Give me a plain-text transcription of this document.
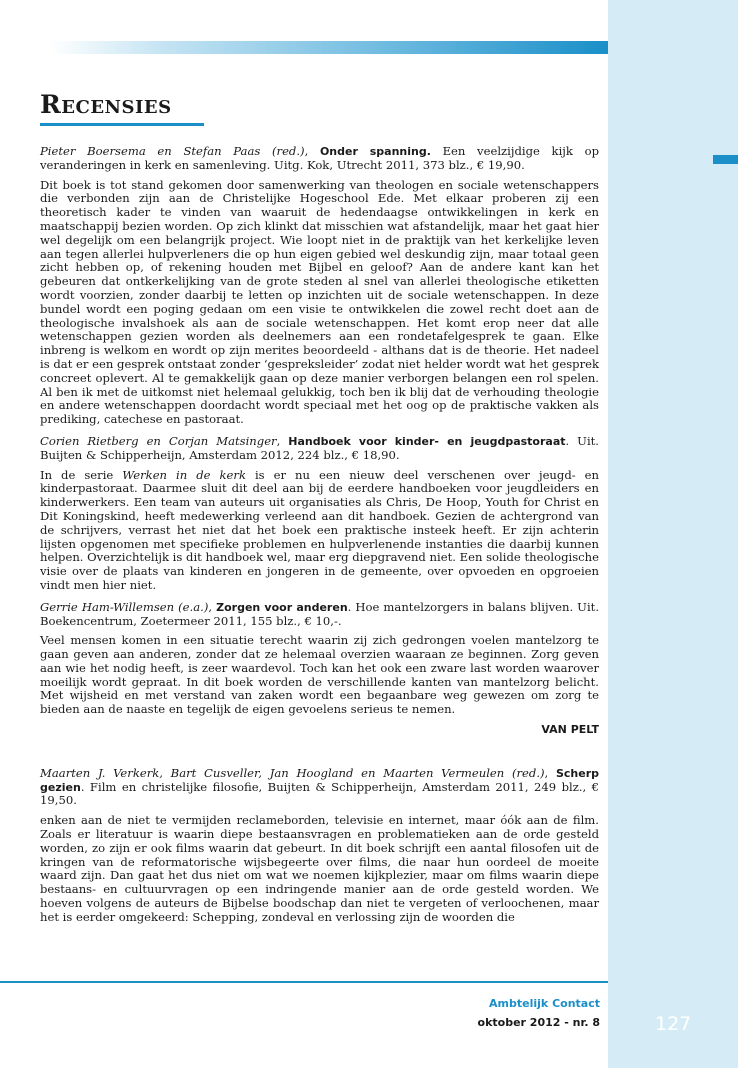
Recensies

Pieter Boersema en Stefan Paas (red.), Onder spanning. Een veelzijdige kijk op veranderingen in kerk en samenleving. Uitg. Kok, Utrecht 2011, 373 blz., € 19,90.

Dit boek is tot stand gekomen door samenwerking van theologen en sociale wetenschappers die verbonden zijn aan de Christelijke Hogeschool Ede. Met elkaar proberen zij een theoretisch kader te vinden van waaruit de hedendaagse ontwikkelingen in kerk en maatschappij bezien worden. Op zich klinkt dat misschien wat afstandelijk, maar het gaat hier wel degelijk om een belangrijk project. Wie loopt niet in de praktijk van het kerkelijke leven aan tegen allerlei hulpverleners die op hun eigen gebied wel deskundig zijn, maar totaal geen zicht hebben op, of rekening houden met Bijbel en geloof? Aan de andere kant kan het gebeuren dat ontkerkelijking van de grote steden al snel van allerlei theologische etiketten wordt voorzien, zonder daarbij te letten op inzichten uit de sociale wetenschappen. In deze bundel wordt een poging gedaan om een visie te ontwikkelen die zowel recht doet aan de theologische invalshoek als aan de sociale wetenschappen. Het komt erop neer dat alle wetenschappen gezien worden als deelnemers aan een rondetafelgesprek te gaan. Elke inbreng is welkom en wordt op zijn merites beoordeeld - althans dat is de theorie. Het nadeel is dat er een gesprek ontstaat zonder ‘gespreksleider’ zodat niet helder wordt wat het gesprek concreet oplevert. Al te gemakkelijk gaan op deze manier verborgen belangen een rol spelen. Al ben ik met de uitkomst niet helemaal gelukkig, toch ben ik blij dat de verhouding theologie en andere wetenschappen doordacht wordt speciaal met het oog op de praktische vakken als prediking, catechese en pastoraat.

Corien Rietberg en Corjan Matsinger, Handboek voor kinder- en jeugdpastoraat. Uit. Buijten & Schipperheijn, Amsterdam 2012, 224 blz., € 18,90.

In de serie Werken in de kerk is er nu een nieuw deel verschenen over jeugd- en kinderpastoraat. Daarmee sluit dit deel aan bij de eerdere handboeken voor jeugdleiders en kinderwerkers. Een team van auteurs uit organisaties als Chris, De Hoop, Youth for Christ en Dit Koningskind, heeft medewerking verleend aan dit handboek. Gezien de achtergrond van de schrijvers, verrast het niet dat het boek een praktische insteek heeft. Er zijn achterin lijsten opgenomen met specifieke problemen en hulpverlenende instanties die daarbij kunnen helpen. Overzichtelijk is dit handboek wel, maar erg diepgravend niet. Een solide theologische visie over de plaats van kinderen en jongeren in de gemeente, over opvoeden en opgroeien vindt men hier niet.

Gerrie Ham-Willemsen (e.a.), Zorgen voor anderen. Hoe mantelzorgers in balans blijven. Uit. Boekencentrum, Zoetermeer 2011, 155 blz., € 10,-.

Veel mensen komen in een situatie terecht waarin zij zich gedrongen voelen mantelzorg te gaan geven aan anderen, zonder dat ze helemaal overzien waaraan ze beginnen. Zorg geven aan wie het nodig heeft, is zeer waardevol. Toch kan het ook een zware last worden waarover moeilijk wordt gepraat. In dit boek worden de verschillende kanten van mantelzorg belicht. Met wijsheid en met verstand van zaken wordt een begaanbare weg gewezen om zorg te bieden aan de naaste en tegelijk de eigen gevoelens serieus te nemen.

VAN PELT

Maarten J. Verkerk, Bart Cusveller, Jan Hoogland en Maarten Vermeulen (red.), Scherp gezien. Film en christelijke filosofie, Buijten & Schipperheijn, Amsterdam 2011, 249 blz., € 19,50.

enken aan de niet te vermijden reclameborden, televisie en internet, maar óók aan de film. Zoals er literatuur is waarin diepe bestaansvragen en problematieken aan de orde gesteld worden, zo zijn er ook films waarin dat gebeurt. In dit boek schrijft een aantal filosofen uit de kringen van de reformatorische wijsbegeerte over films, die naar hun oordeel de moeite waard zijn. Dan gaat het dus niet om wat we noemen kijkplezier, maar om films waarin diepe bestaans- en cultuurvragen op een indringende manier aan de orde gesteld worden. We hoeven volgens de auteurs de Bijbelse boodschap dan niet te vergeten of verloochenen, maar het is eerder omgekeerd: Schepping, zondeval en verlossing zijn de woorden die

Ambtelijk Contact
oktober 2012 - nr. 8	127
